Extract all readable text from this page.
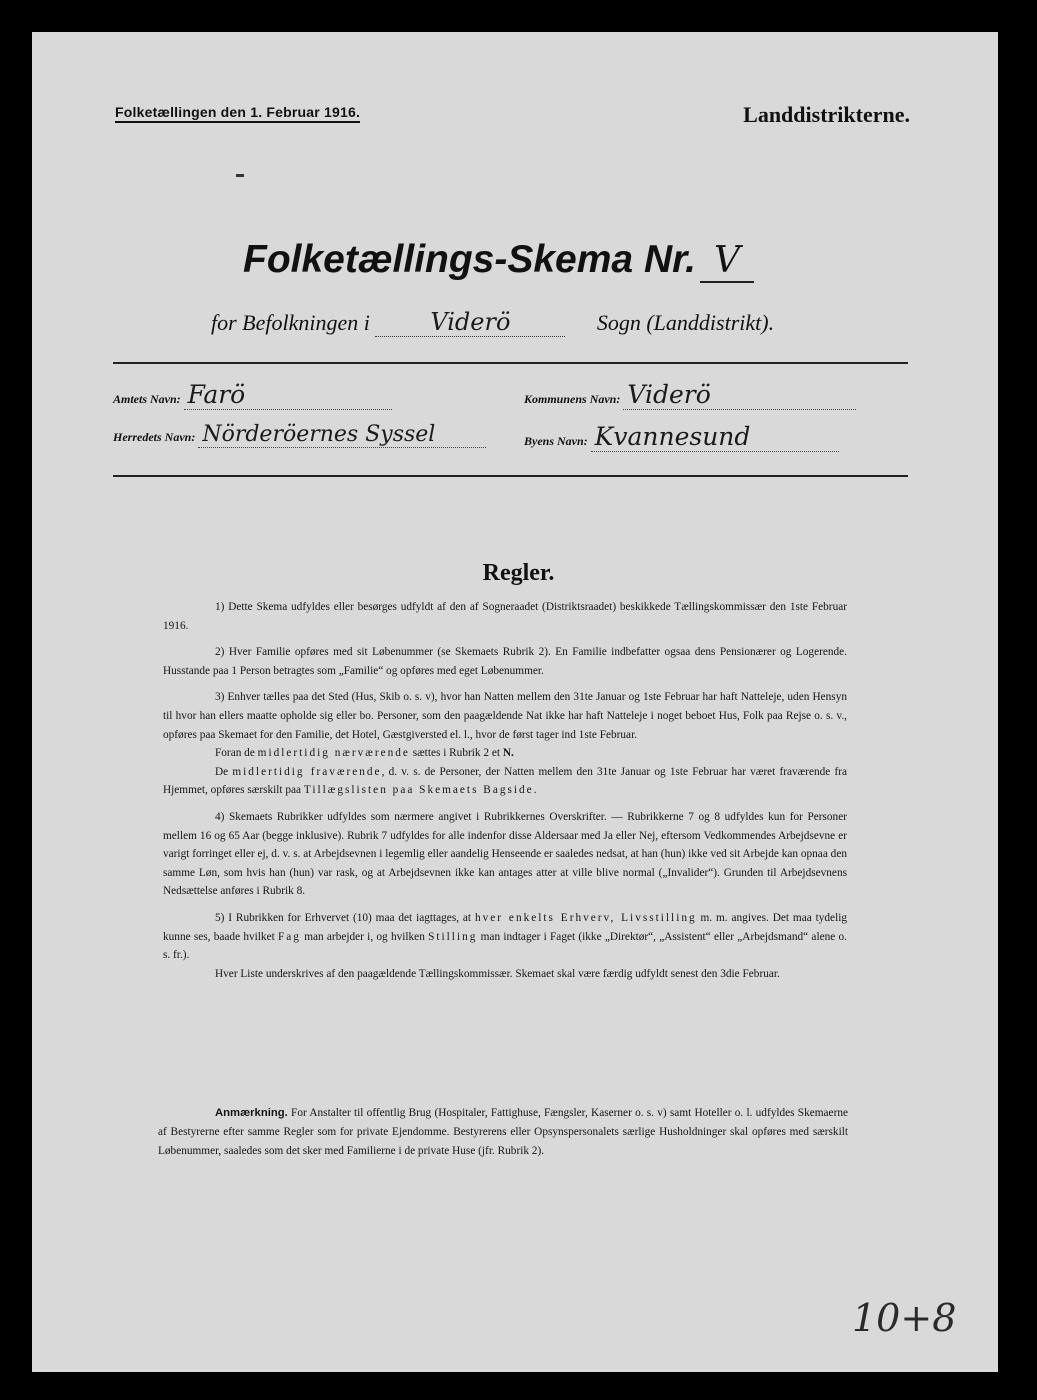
Folketællingen den 1. Februar 1916.	Landdistrikterne.
Folketællings-Skema Nr. V
for Befolkningen i	Viderö	Sogn (Landdistrikt).
Amtets Navn: Farö	Kommunens Navn: Viderö
Herredets Navn: Nörderöernes Syssel	Byens Navn: Kvannesund
Regler.

1) Dette Skema udfyldes eller besørges udfyldt af den af Sogneraadet (Distriktsraadet) beskikkede Tællingskommissær den 1ste Februar 1916.

2) Hver Familie opføres med sit Løbenummer (se Skemaets Rubrik 2). En Familie indbefatter ogsaa dens Pensionærer og Logerende. Husstande paa 1 Person betragtes som „Familie“ og opføres med eget Løbenummer.

3) Enhver tælles paa det Sted (Hus, Skib o. s. v), hvor han Natten mellem den 31te Januar og 1ste Februar har haft Natteleje, uden Hensyn til hvor han ellers maatte opholde sig eller bo. Personer, som den paagældende Nat ikke har haft Natteleje i noget beboet Hus, Folk paa Rejse o. s. v., opføres paa Skemaet for den Familie, det Hotel, Gæstgiversted el. l., hvor de først tager ind 1ste Februar.

Foran de midlertidig nærværende sættes i Rubrik 2 et N.

De midlertidig fraværende, d. v. s. de Personer, der Natten mellem den 31te Januar og 1ste Februar har været fraværende fra Hjemmet, opføres særskilt paa Tillægslisten paa Skemaets Bagside.

4) Skemaets Rubrikker udfyldes som nærmere angivet i Rubrikkernes Overskrifter. — Rubrikkerne 7 og 8 udfyldes kun for Personer mellem 16 og 65 Aar (begge inklusive). Rubrik 7 udfyldes for alle indenfor disse Aldersaar med Ja eller Nej, eftersom Vedkommendes Arbejdsevne er varigt forringet eller ej, d. v. s. at Arbejdsevnen i legemlig eller aandelig Henseende er saaledes nedsat, at han (hun) ikke ved sit Arbejde kan opnaa den samme Løn, som hvis han (hun) var rask, og at Arbejdsevnen ikke kan antages atter at ville blive normal („Invalider“). Grunden til Arbejdsevnens Nedsættelse anføres i Rubrik 8.

5) I Rubrikken for Erhvervet (10) maa det iagttages, at hver enkelts Erhverv, Livsstilling m. m. angives. Det maa tydelig kunne ses, baade hvilket Fag man arbejder i, og hvilken Stilling man indtager i Faget (ikke „Direktør“, „Assistent“ eller „Arbejdsmand“ alene o. s. fr.).

Hver Liste underskrives af den paagældende Tællingskommissær. Skemaet skal være færdig udfyldt senest den 3die Februar.

Anmærkning. For Anstalter til offentlig Brug (Hospitaler, Fattighuse, Fængsler, Kaserner o. s. v) samt Hoteller o. l. udfyldes Skemaerne af Bestyrerne efter samme Regler som for private Ejendomme. Bestyrerens eller Opsynspersonalets særlige Husholdninger skal opføres med særskilt Løbenummer, saaledes som det sker med Familierne i de private Huse (jfr. Rubrik 2).

10+8
